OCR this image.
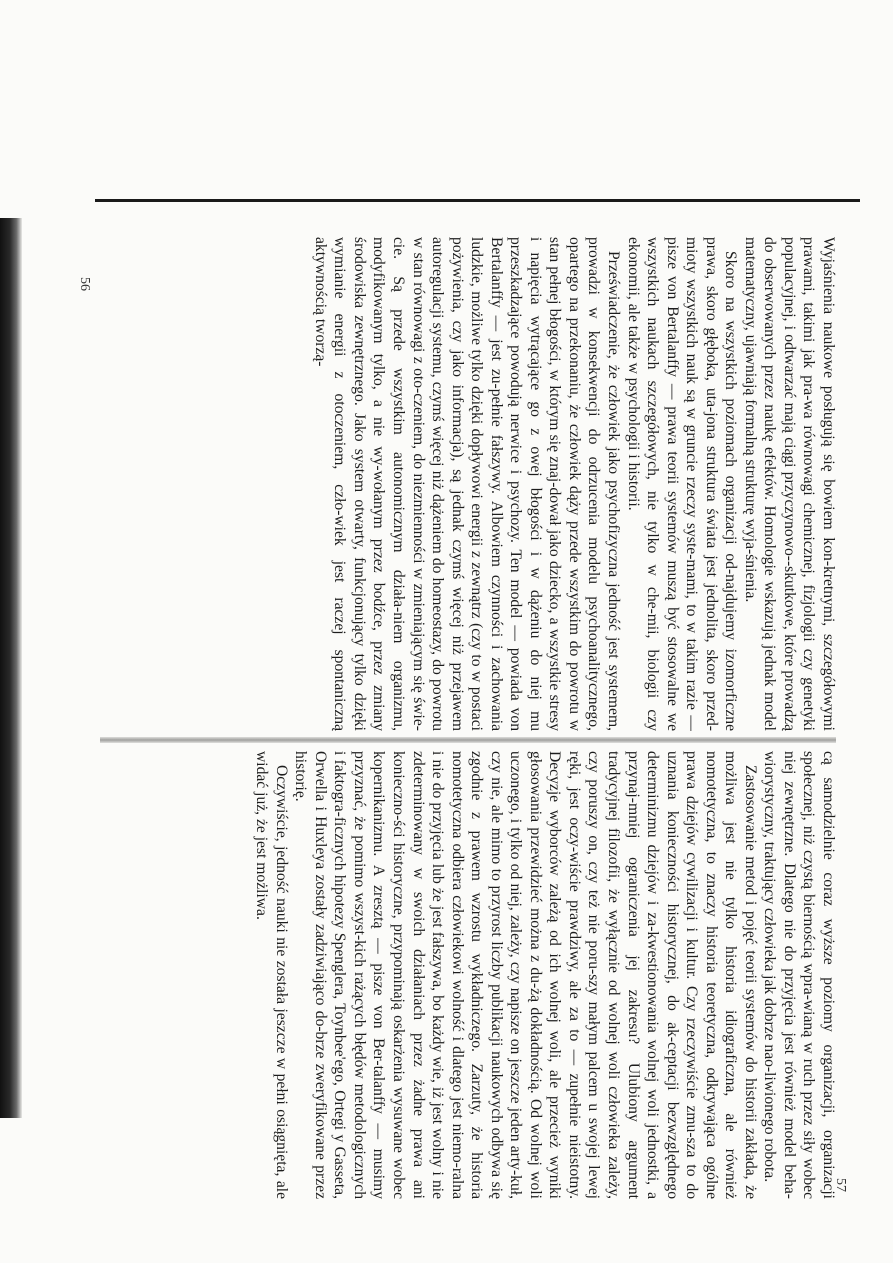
Wyjaśnienia naukowe posługują się bowiem kon-kretnymi, szczegółowymi prawami, takimi jak pra-wa równowagi chemicznej, fizjologii czy genetyki populacyjnej, i odtwarzać mają ciągi przyczynowo--skutkowe, które prowadzą do obserwowanych przez naukę efektów. Homologie wskazują jednak model matematyczny, ujawniają formalną strukturę wyja-śnienia.

Skoro na wszystkich poziomach organizacji od-najdujemy izomorficzne prawa, skoro głęboka, uta-jona struktura świata jest jednolita, skoro przed-mioty wszystkich nauk są w gruncie rzeczy syste-mami, to w takim razie — pisze von Bertalanffy — prawa teorii systemów muszą być stosowalne we wszystkich naukach szczegółowych, nie tylko w che-mii, biologii czy ekonomii, ale także w psychologii i historii.

Przeświadczenie, że człowiek jako psychofizyczna jedność jest systemem, prowadzi w konsekwencji do odrzucenia modelu psychoanalitycznego, opartego na przekonaniu, że człowiek dąży przede wszystkim do powrotu w stan pełnej błogości, w którym się znaj-dował jako dziecko, a wszystkie stresy i napięcia wytrącające go z owej błogości i w dążeniu do niej mu przeszkadzające powodują nerwice i psychozy. Ten model — powiada von Bertalanffy — jest zu-pełnie fałszywy. Albowiem czynności i zachowania ludzkie, możliwe tylko dzięki dopływowi energii z zewnątrz (czy to w postaci pożywienia, czy jako informacja), są jednak czymś więcej niż przejawem autoregulacji systemu, czymś więcej niż dążeniem do homeostazy, do powrotu w stan równowagi z oto-czeniem, do niezmienności w zmieniającym się świe-cie. Są przede wszystkim autonomicznym działa-niem organizmu, modyfikowanym tylko, a nie wy-wołanym przez bodźce, przez zmiany środowiska zewnętrznego. Jako system otwarty, funkcjonujący tylko dzięki wymianie energii z otoczeniem, czło-wiek jest raczej spontaniczną aktywnością tworzą-

cą samodzielnie coraz wyższe poziomy organizacji, organizacji społecznej, niż czystą biernością wpra-wianą w ruch przez siły wobec niej zewnętrzne. Dlatego nie do przyjęcia jest również model beha-wiorystyczny, traktujący człowieka jak dobrze nao-liwionego robota.

Zastosowanie metod i pojęć teorii systemów do historii zakłada, że możliwa jest nie tylko historia idiograficzna, ale również nomotetyczna, to znaczy historia teoretyczna, odkrywająca ogólne prawa dziejów cywilizacji i kultur. Czy rzeczywiście zmu-sza to do uznania konieczności historycznej, do ak-ceptacji bezwzględnego determinizmu dziejów i za-kwestionowania wolnej woli jednostki, a przynaj-mniej ograniczenia jej zakresu? Ulubiony argument tradycyjnej filozofii, że wyłącznie od wolnej woli człowieka zależy, czy poruszy on, czy też nie poru-szy małym palcem u swojej lewej ręki, jest oczy-wiście prawdziwy, ale za to — zupełnie nieistotny. Decyzje wyborców zależą od ich wolnej woli, ale przecież wyniki głosowania przewidzieć można z du-żą dokładnością. Od wolnej woli uczonego, i tylko od niej, zależy, czy napisze on jeszcze jeden arty-kuł, czy nie, ale mimo to przyrost liczby publikacji naukowych odbywa się zgodnie z prawem wzrostu wykładniczego. Zarzuty, że historia nomotetyczna odbiera człowiekowi wolność i dlatego jest niemo-ralna i nie do przyjęcia lub że jest fałszywa, bo każdy wie, iż jest wolny i nie zdeterminowany w swoich działaniach przez żadne prawa ani konieczno-ści historyczne, przypominają oskarżenia wysuwane wobec kopernikanizmu. A zresztą — pisze von Ber-talanffy — musimy przyznać, że pomimo wszyst-kich rażących błędów metodologicznych i faktogra-ficznych hipotezy Spenglera, Toynbee'ego, Ortegi y Gasseta, Orwella i Huxleya zostały zadziwiająco do-brze zweryfikowane przez historię.

Oczywiście, jedność nauki nie została jeszcze w pełni osiągnięta, ale widać już, że jest możliwa.

56
57
